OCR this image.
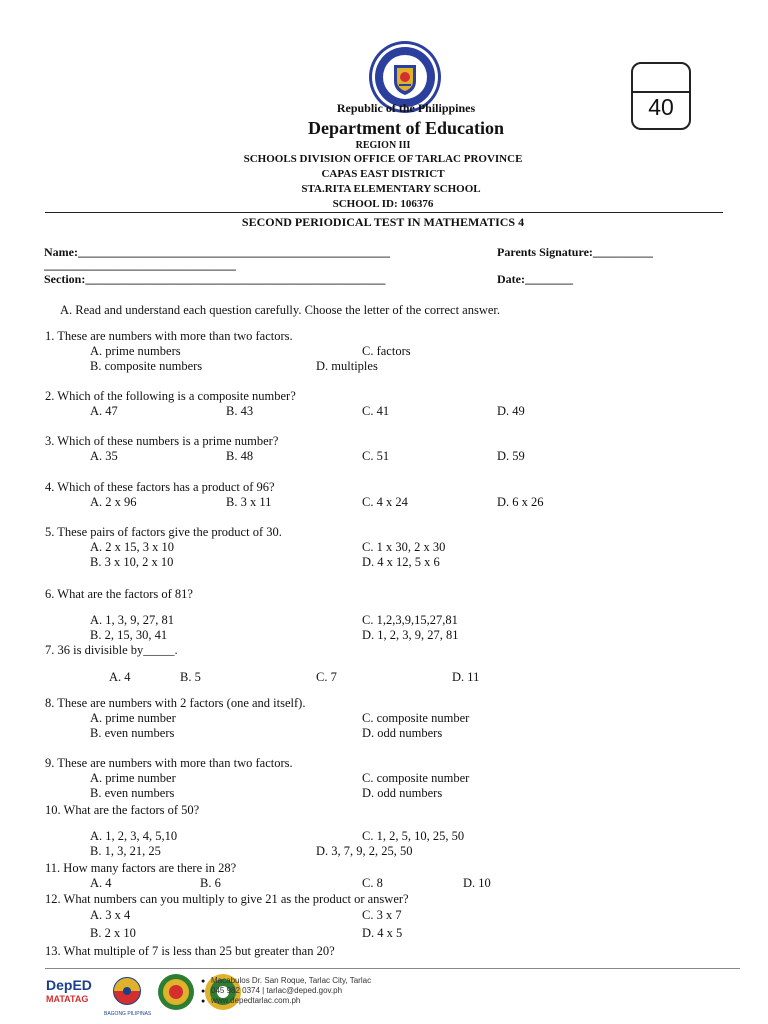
40
Republic of the Philippines
Department of Education
REGION III
SCHOOLS DIVISION OFFICE OF TARLAC PROVINCE
CAPAS EAST DISTRICT
STA.RITA ELEMENTARY SCHOOL
SCHOOL ID: 106376
SECOND PERIODICAL TEST IN MATHEMATICS 4
Name:____________________________________________________	Parents Signature:__________
________________________________
Section:__________________________________________________	Date:________
A. Read and understand each question carefully. Choose the letter of the correct answer.
1. These are numbers with more than two factors.
A. prime numbers	C. factors
B. composite numbers	D. multiples
2. Which of the following is a composite number?
A. 47	B. 43	C. 41	D. 49
3. Which of these numbers is a prime number?
A. 35	B. 48	C. 51	D. 59
4. Which of these factors has a product of 96?
A. 2 x 96	B. 3 x 11	C. 4 x 24	D. 6 x 26
5. These pairs of factors give the product of 30.
A. 2 x 15, 3 x 10	C. 1 x 30, 2 x 30
B. 3 x 10, 2 x 10	D. 4 x 12, 5 x 6
6. What are the factors of 81?
A. 1, 3, 9, 27, 81	C. 1,2,3,9,15,27,81
B. 2, 15, 30, 41	D. 1, 2, 3, 9, 27, 81
7. 36 is divisible by_____.
A. 4	B. 5	C. 7	D. 11
8. These are numbers with 2 factors (one and itself).
A. prime number	C. composite number
B. even numbers	D. odd numbers
9. These are numbers with more than two factors.
A. prime number	C. composite number
B. even numbers	D. odd numbers
10. What are the factors of 50?
A. 1, 2, 3, 4, 5,10	C. 1, 2, 5, 10, 25, 50
B. 1, 3, 21, 25	D. 3, 7, 9, 2, 25, 50
11. How many factors are there in 28?
A. 4	B. 6	C. 8	D. 10
12. What numbers can you multiply to give 21 as the product or answer?
A. 3 x 4	C. 3 x 7
B. 2 x 10	D. 4 x 5
13. What multiple of 7 is less than 25 but greater than 20?
DepED
MATATAG
BAGONG PILIPINAS
● Macabulos Dr. San Roque, Tarlac City, Tarlac
● 045 982 0374 | tarlac@deped.gov.ph
● www.depedtarlac.com.ph
